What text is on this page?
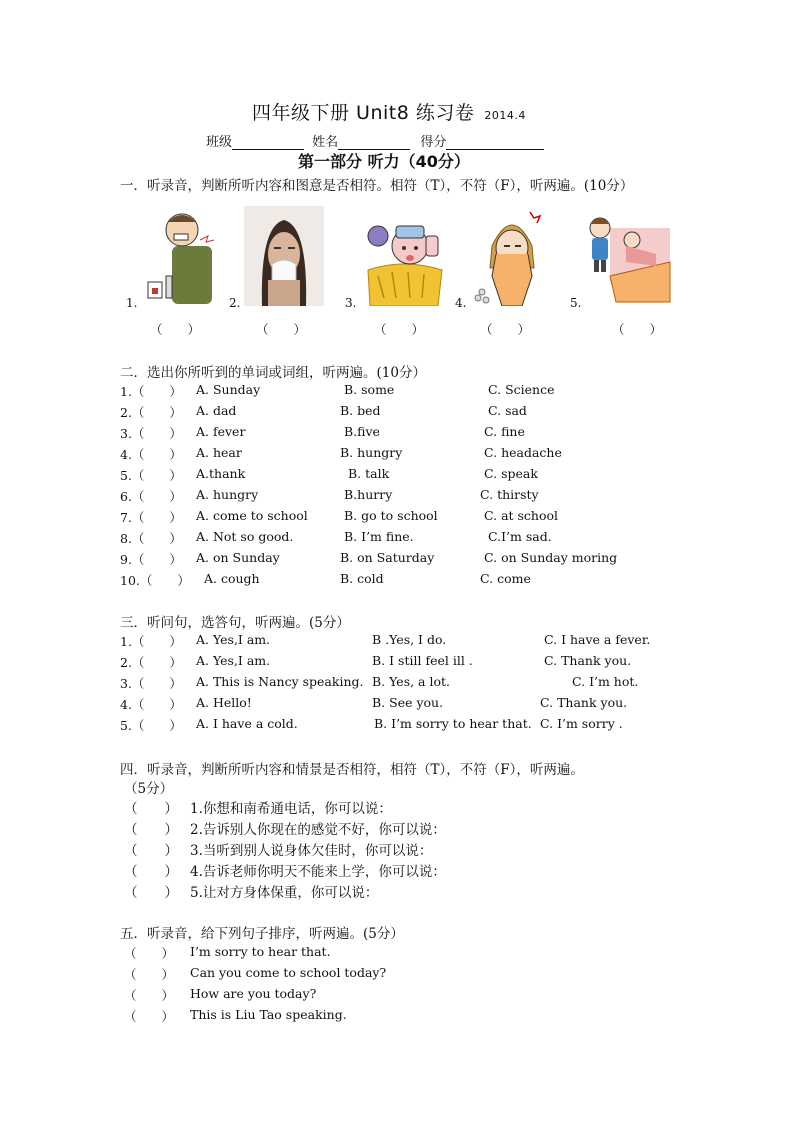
四年级下册 Unit8 练习卷 2014.4
班级	姓名	得分
第一部分 听力（40分）
一．听录音，判断所听内容和图意是否相符。相符（T），不符（F），听两遍。(10分）
1.
（　　）
2.
（　　）
3.
（　　）
4.
（　　）
5.
（　　）
二．选出你所听到的单词或词组，听两遍。(10分）
1.（　　） A. Sunday	B. some	C. Science
2.（　　） A. dad	B. bed	C. sad
3.（　　） A. fever	B.five	C. fine
4.（　　） A. hear	B. hungry	C. headache
5.（　　） A.thank	B. talk	C. speak
6.（　　） A. hungry	B.hurry	C. thirsty
7.（　　） A. come to school	B. go to school	C. at school
8.（　　） A. Not so good.	B. I’m fine.	C.I’m sad.
9.（　　） A. on Sunday	B. on Saturday	C. on Sunday moring
10.（　　） A. cough	B. cold	C. come
三．听问句，选答句，听两遍。(5分）
1.（　　） A. Yes,I am.	B .Yes, I do.	C. I have a fever.
2.（　　） A. Yes,I am.	B. I still feel ill .	C. Thank you.
3.（　　） A. This is Nancy speaking. B. Yes, a lot.	C. I’m hot.
4.（　　） A. Hello!	B. See you.	C. Thank you.
5.（　　） A. I have a cold.	B. I’m sorry to hear that. C. I’m sorry .
四．听录音，判断所听内容和情景是否相符，相符（T），不符（F），听两遍。
（5分）
（　　） 1.你想和南希通电话，你可以说：
（　　） 2.告诉别人你现在的感觉不好，你可以说：
（　　） 3.当听到别人说身体欠佳时，你可以说：
（　　） 4.告诉老师你明天不能来上学，你可以说：
（　　） 5.让对方身体保重，你可以说：
五．听录音，给下列句子排序，听两遍。(5分）
（　　） I’m sorry to hear that.
（　　） Can you come to school today?
（　　） How are you today?
（　　） This is Liu Tao speaking.
